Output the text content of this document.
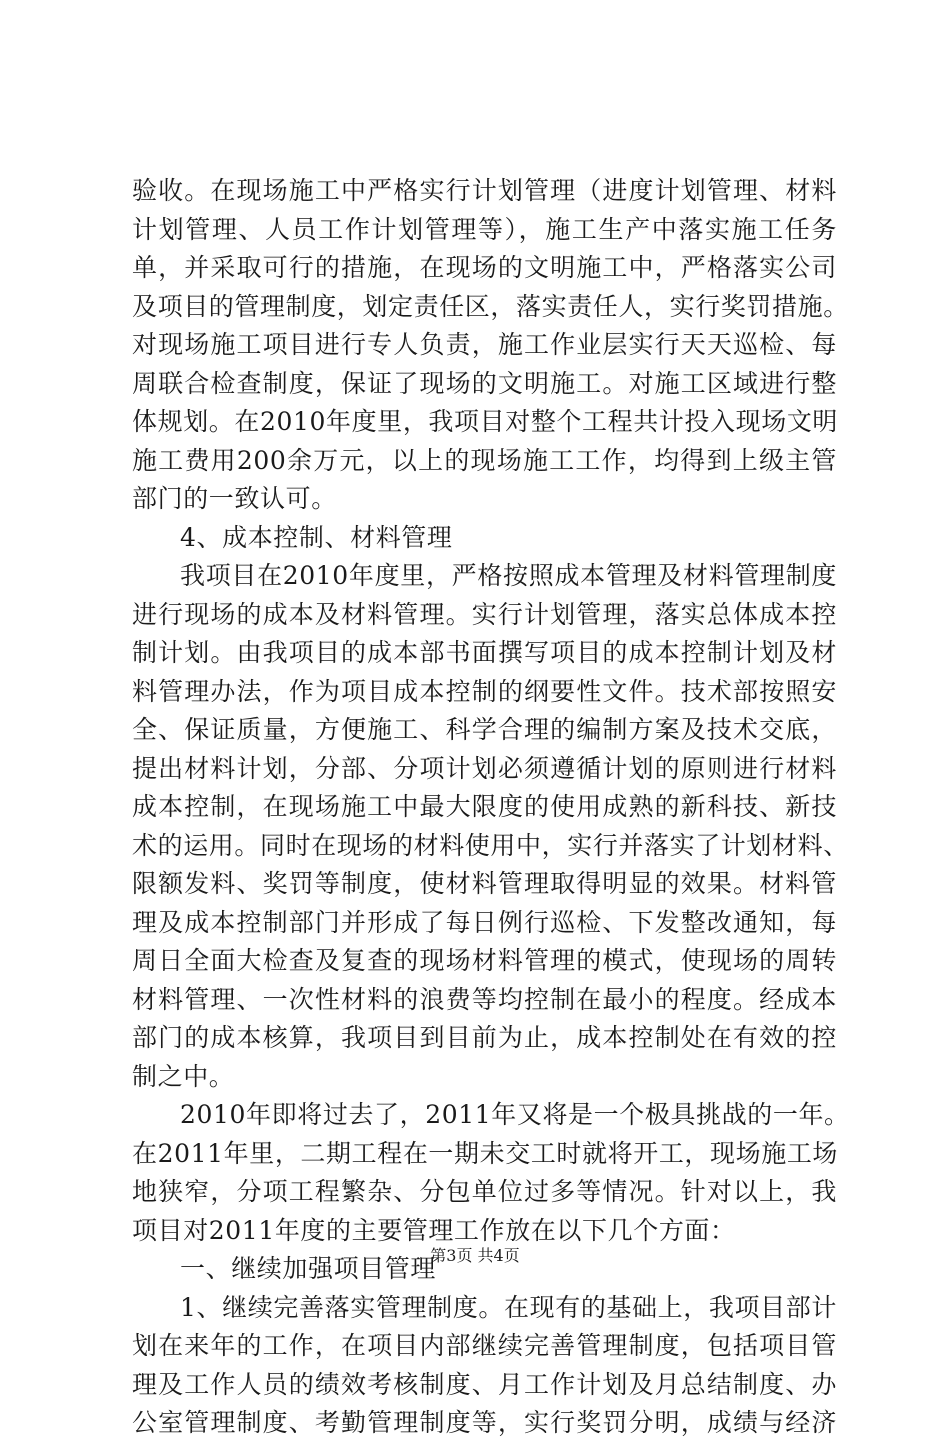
验收。在现场施工中严格实行计划管理（进度计划管理、材料
计划管理、人员工作计划管理等），施工生产中落实施工任务
单，并采取可行的措施，在现场的文明施工中，严格落实公司
及项目的管理制度，划定责任区，落实责任人，实行奖罚措施。
对现场施工项目进行专人负责，施工作业层实行天天巡检、每
周联合检查制度，保证了现场的文明施工。对施工区域进行整
体规划。在2010年度里，我项目对整个工程共计投入现场文明
施工费用200余万元，以上的现场施工工作，均得到上级主管
部门的一致认可。
4、成本控制、材料管理
我项目在2010年度里，严格按照成本管理及材料管理制度
进行现场的成本及材料管理。实行计划管理，落实总体成本控
制计划。由我项目的成本部书面撰写项目的成本控制计划及材
料管理办法，作为项目成本控制的纲要性文件。技术部按照安
全、保证质量，方便施工、科学合理的编制方案及技术交底，
提出材料计划，分部、分项计划必须遵循计划的原则进行材料
成本控制，在现场施工中最大限度的使用成熟的新科技、新技
术的运用。同时在现场的材料使用中，实行并落实了计划材料、
限额发料、奖罚等制度，使材料管理取得明显的效果。材料管
理及成本控制部门并形成了每日例行巡检、下发整改通知，每
周日全面大检查及复查的现场材料管理的模式，使现场的周转
材料管理、一次性材料的浪费等均控制在最小的程度。经成本
部门的成本核算，我项目到目前为止，成本控制处在有效的控
制之中。
2010年即将过去了，2011年又将是一个极具挑战的一年。
在2011年里，二期工程在一期未交工时就将开工，现场施工场
地狭窄，分项工程繁杂、分包单位过多等情况。针对以上，我
项目对2011年度的主要管理工作放在以下几个方面：
一、继续加强项目管理
1、继续完善落实管理制度。在现有的基础上，我项目部计
划在来年的工作，在项目内部继续完善管理制度，包括项目管
理及工作人员的绩效考核制度、月工作计划及月总结制度、办
公室管理制度、考勤管理制度等，实行奖罚分明，成绩与经济
第3页 共4页
